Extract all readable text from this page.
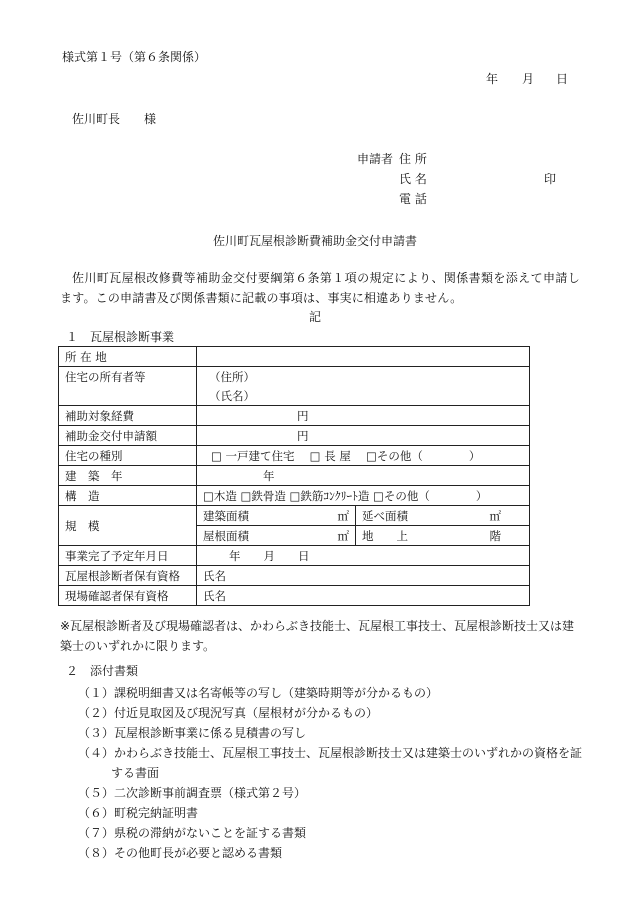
様式第１号（第６条関係）
年 月 日
佐川町長　　様
申請者 住 所
氏 名	印
電 話
佐川町瓦屋根診断費補助金交付申請書
佐川町瓦屋根改修費等補助金交付要綱第６条第１項の規定により、関係書類を添えて申請します。この申請書及び関係書類に記載の事項は、事実に相違ありません。
記
１　瓦屋根診断事業
所 在 地	
住宅の所有者等	（住所）
（氏名）
補助対象経費	円
補助金交付申請額	円
住宅の種別	□ 一戸建て住宅　 □ 長 屋　 □その他（　　　　）
建　築　年	年
構　造	□木造 □鉄骨造 □鉄筋ｺﾝｸﾘｰﾄ造 □その他（　　　　）
規　模	
建築面積	㎡	延べ面積	㎡
屋根面積	㎡	地　　上	階

事業完了予定年月日	年　　月　　日
瓦屋根診断者保有資格	氏名
現場確認者保有資格	氏名
※瓦屋根診断者及び現場確認者は、かわらぶき技能士、瓦屋根工事技士、瓦屋根診断技士又は建築士のいずれかに限ります。
２　添付書類
（１）課税明細書又は名寄帳等の写し（建築時期等が分かるもの）
（２）付近見取図及び現況写真（屋根材が分かるもの）
（３）瓦屋根診断事業に係る見積書の写し
（４）かわらぶき技能士、瓦屋根工事技士、瓦屋根診断技士又は建築士のいずれかの資格を証
する書面
（５）二次診断事前調査票（様式第２号）
（６）町税完納証明書
（７）県税の滞納がないことを証する書類
（８）その他町長が必要と認める書類
